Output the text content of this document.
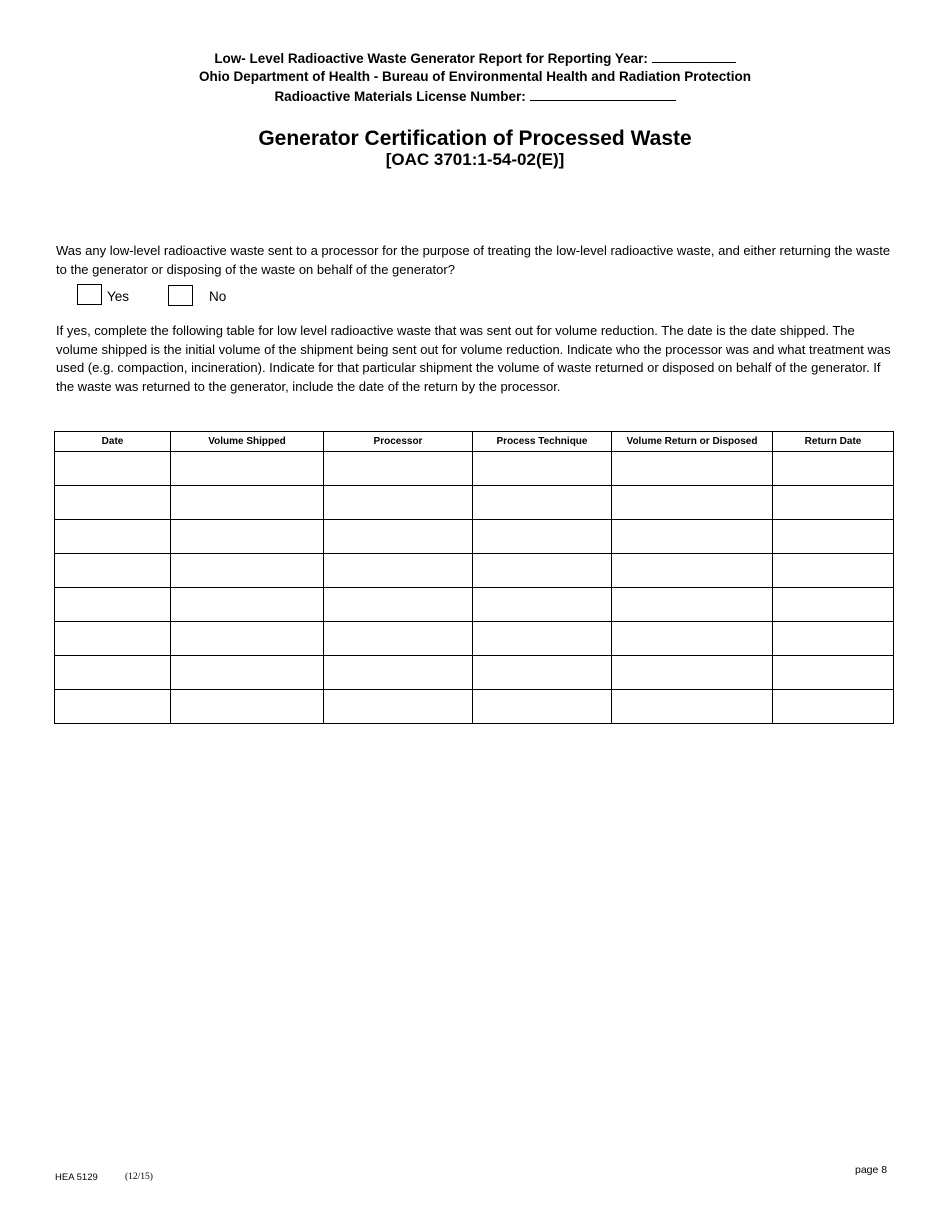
Low- Level Radioactive Waste Generator Report for Reporting Year:
Ohio Department of Health - Bureau of Environmental Health and Radiation Protection
Radioactive Materials License Number:
Generator Certification of Processed Waste
[OAC 3701:1-54-02(E)]
Was any low-level radioactive waste sent to a processor for the purpose of treating the low-level radioactive waste, and either returning the waste to the generator or disposing of the waste on behalf of the generator?
Yes	No
If yes, complete the following table for low level radioactive waste that was sent out for volume reduction. The date is the date shipped. The volume shipped is the initial volume of the shipment being sent out for volume reduction. Indicate who the processor was and what treatment was used (e.g. compaction, incineration). Indicate for that particular shipment the volume of waste returned or disposed on behalf of the generator. If the waste was returned to the generator, include the date of the return by the processor.
Date	Volume Shipped	Processor	Process Technique	Volume Return or Disposed	Return Date

HEA 5129	(12/15)
page 8
